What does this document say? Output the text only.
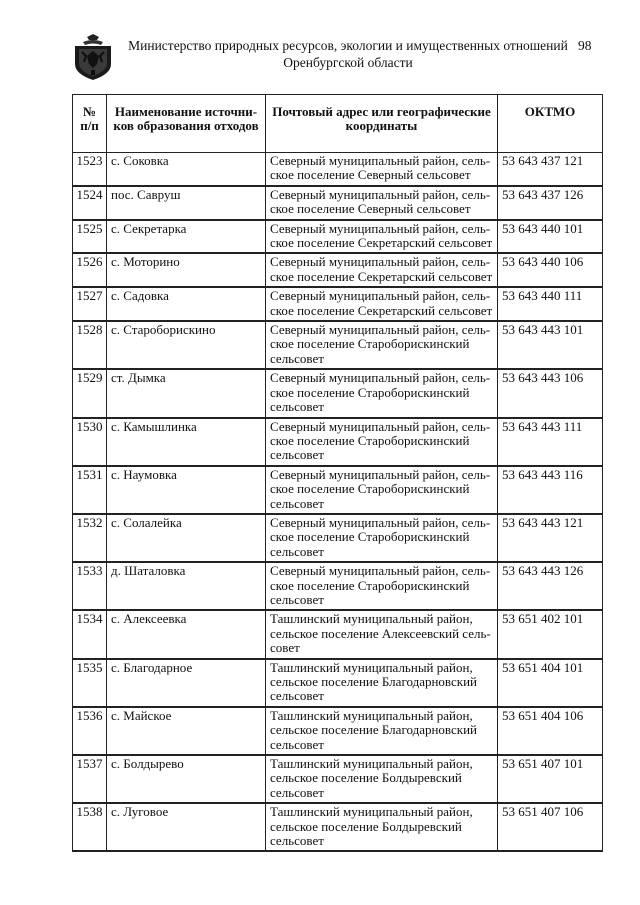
Министерство природных ресурсов, экологии и имущественных отношений
Оренбургской области
98
№ п/п	Наименование источни-ков образования отходов	Почтовый адрес или географические координаты	ОКТМО
1523	с. Соковка	Северный муниципальный район, сель-ское поселение Северный сельсовет	53 643 437 121
1524	пос. Савруш	Северный муниципальный район, сель-ское поселение Северный сельсовет	53 643 437 126
1525	с. Секретарка	Северный муниципальный район, сель-ское поселение Секретарский сельсовет	53 643 440 101
1526	с. Моторино	Северный муниципальный район, сель-ское поселение Секретарский сельсовет	53 643 440 106
1527	с. Садовка	Северный муниципальный район, сель-ское поселение Секретарский сельсовет	53 643 440 111
1528	с. Староборискино	Северный муниципальный район, сель-ское поселение Староборискинский сельсовет	53 643 443 101
1529	ст. Дымка	Северный муниципальный район, сель-ское поселение Староборискинский сельсовет	53 643 443 106
1530	с. Камышлинка	Северный муниципальный район, сель-ское поселение Староборискинский сельсовет	53 643 443 111
1531	с. Наумовка	Северный муниципальный район, сель-ское поселение Староборискинский сельсовет	53 643 443 116
1532	с. Солалейка	Северный муниципальный район, сель-ское поселение Староборискинский сельсовет	53 643 443 121
1533	д. Шаталовка	Северный муниципальный район, сель-ское поселение Староборискинский сельсовет	53 643 443 126
1534	с. Алексеевка	Ташлинский муниципальный район, сельское поселение Алексеевский сель-совет	53 651 402 101
1535	с. Благодарное	Ташлинский муниципальный район, сельское поселение Благодарновский сельсовет	53 651 404 101
1536	с. Майское	Ташлинский муниципальный район, сельское поселение Благодарновский сельсовет	53 651 404 106
1537	с. Болдырево	Ташлинский муниципальный район, сельское поселение Болдыревский сельсовет	53 651 407 101
1538	с. Луговое	Ташлинский муниципальный район, сельское поселение Болдыревский сельсовет	53 651 407 106
